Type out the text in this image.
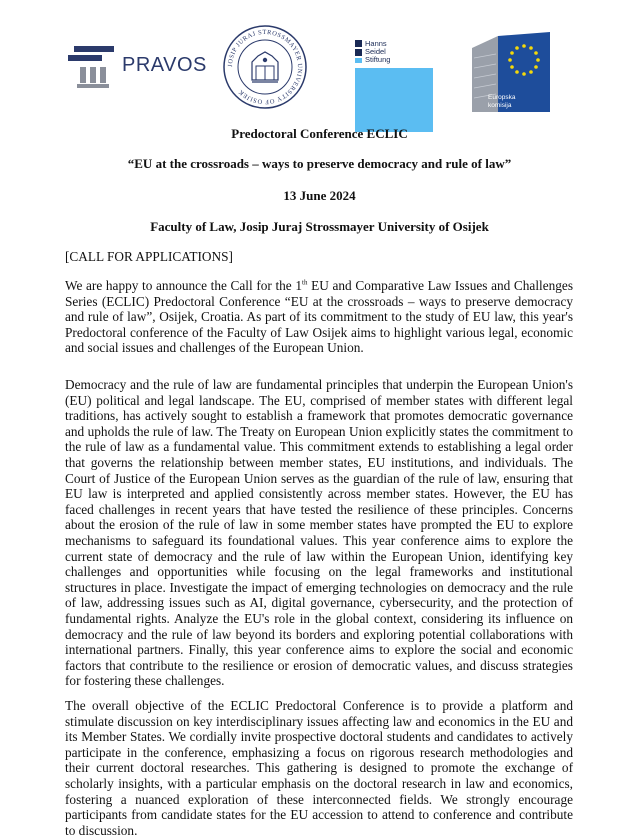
PRAVOS	JOSIP JURAJ STROSSMAYER UNIVERSITY OF OSIJEK
Hanns
Seidel
Stiftung
Europska
komisija
Predoctoral Conference ECLIC
“EU at the crossroads – ways to preserve democracy and rule of law”
13 June 2024
Faculty of Law, Josip Juraj Strossmayer University of Osijek
[CALL FOR APPLICATIONS]

We are happy to announce the Call for the 1th EU and Comparative Law Issues and Challenges Series (ECLIC) Predoctoral Conference “EU at the crossroads – ways to preserve democracy and rule of law”, Osijek, Croatia. As part of its commitment to the study of EU law, this year's Predoctoral conference of the Faculty of Law Osijek aims to highlight various legal, economic and social issues and challenges of the European Union.

Democracy and the rule of law are fundamental principles that underpin the European Union's (EU) political and legal landscape. The EU, comprised of member states with different legal traditions, has actively sought to establish a framework that promotes democratic governance and upholds the rule of law. The Treaty on European Union explicitly states the commitment to the rule of law as a fundamental value. This commitment extends to establishing a legal order that governs the relationship between member states, EU institutions, and individuals. The Court of Justice of the European Union serves as the guardian of the rule of law, ensuring that EU law is interpreted and applied consistently across member states. However, the EU has faced challenges in recent years that have tested the resilience of these principles. Concerns about the erosion of the rule of law in some member states have prompted the EU to explore mechanisms to safeguard its foundational values. This year conference aims to explore the current state of democracy and the rule of law within the European Union, identifying key challenges and opportunities while focusing on the legal frameworks and institutional structures in place. Investigate the impact of emerging technologies on democracy and the rule of law, addressing issues such as AI, digital governance, cybersecurity, and the protection of fundamental rights. Analyze the EU's role in the global context, considering its influence on democracy and the rule of law beyond its borders and exploring potential collaborations with international partners. Finally, this year conference aims to explore the social and economic factors that contribute to the resilience or erosion of democratic values, and discuss strategies for fostering these challenges.

The overall objective of the ECLIC Predoctoral Conference is to provide a platform and stimulate discussion on key interdisciplinary issues affecting law and economics in the EU and its Member States. We cordially invite prospective doctoral students and candidates to actively participate in the conference, emphasizing a focus on rigorous research methodologies and their current doctoral researches. This gathering is designed to promote the exchange of scholarly insights, with a particular emphasis on the doctoral research in law and economics, fostering a nuanced exploration of these interconnected fields. We strongly encourage participants from candidate states for the EU accession to attend to conference and contribute to discussion.
